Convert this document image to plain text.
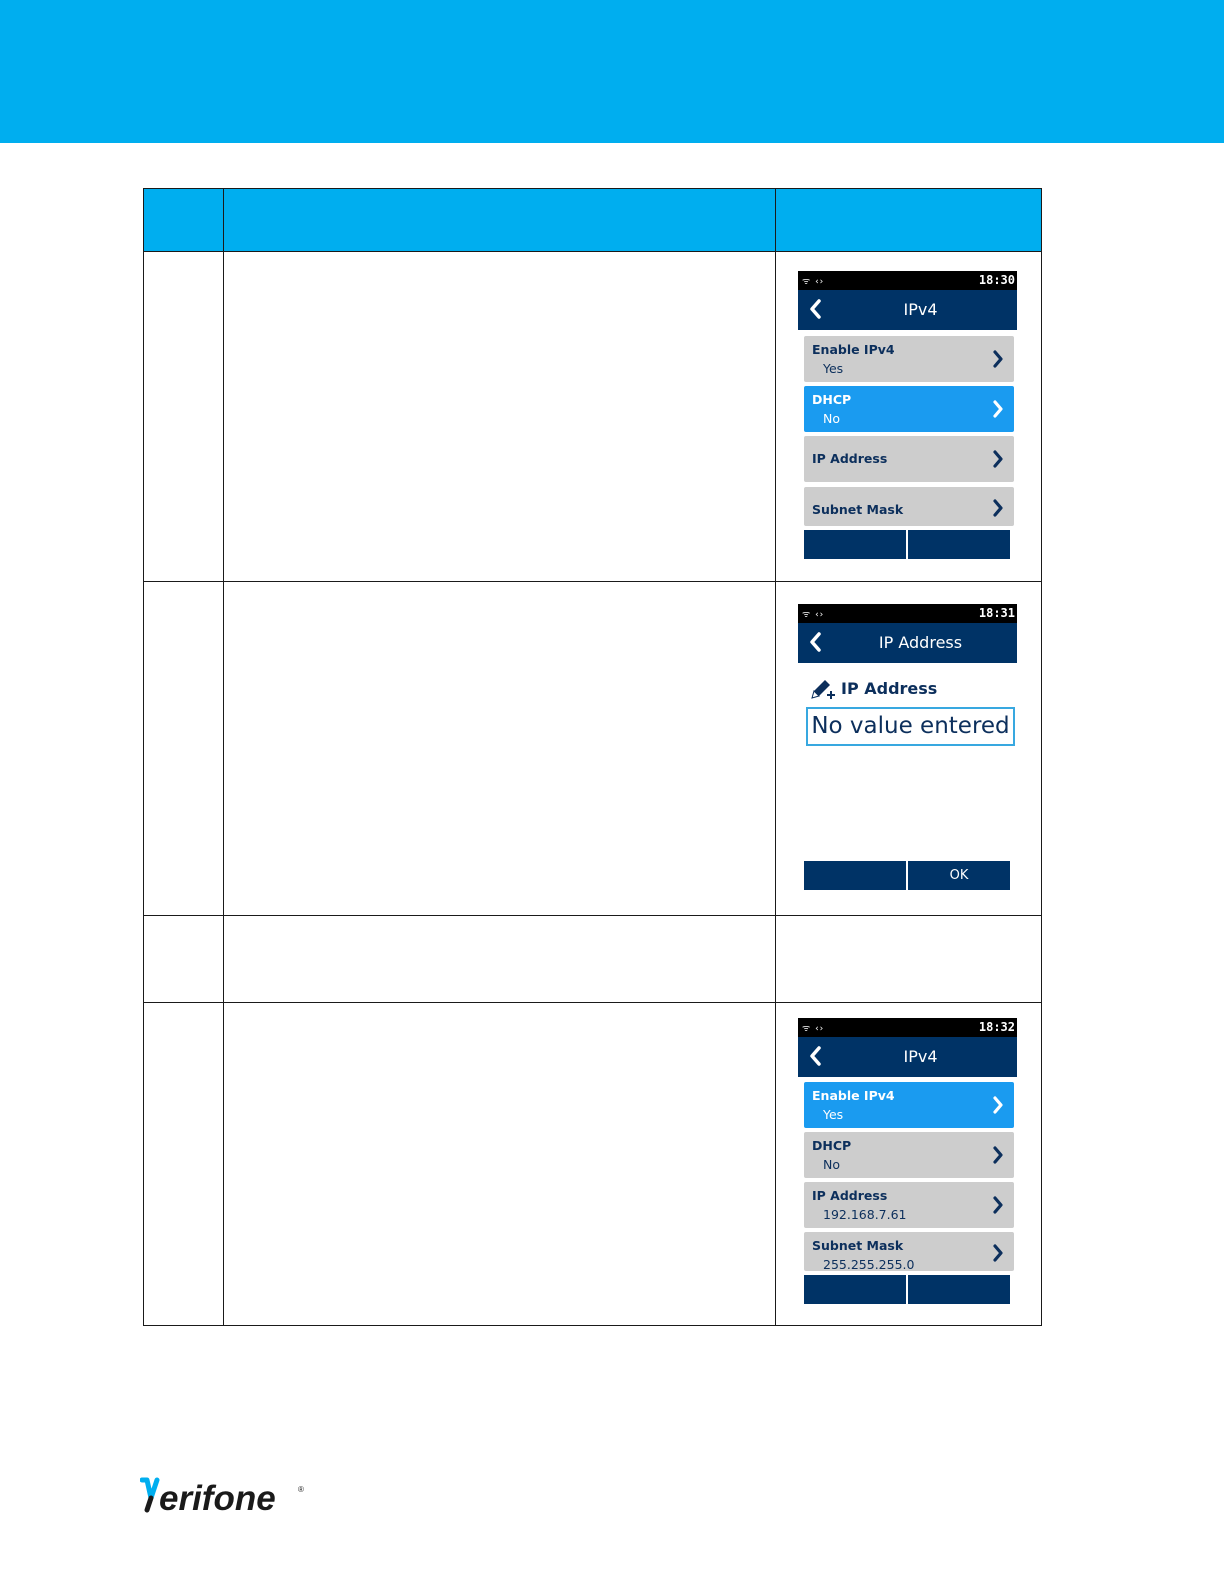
ᯤ ‹›	18:30
IPv4
Enable IPv4
Yes
DHCP
No
IP Address
Subnet Mask
ᯤ ‹›	18:31
IP Address
IP Address
No value entered
OK
ᯤ ‹›	18:32
IPv4
Enable IPv4
Yes
DHCP
No
IP Address
192.168.7.61
Subnet Mask
255.255.255.0
erifone	®
